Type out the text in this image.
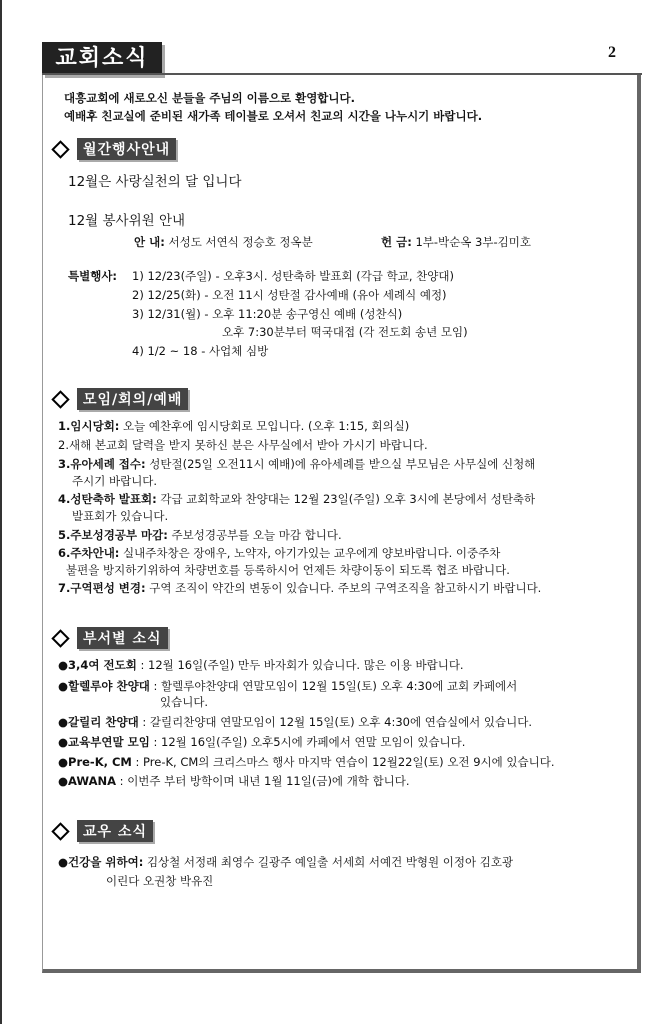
교회소식	2
대흥교회에 새로오신 분들을 주님의 이름으로 환영합니다.
예배후 친교실에 준비된 새가족 테이블로 오셔서 친교의 시간을 나누시기 바랍니다.
월간행사안내
12월은 사랑실천의 달 입니다
12월 봉사위원 안내
안 내: 서성도 서연식 정승호 정옥분	헌 금: 1부-박순옥 3부-김미호
특별행사: 1) 12/23(주일) - 오후3시. 성탄축하 발표회 (각급 학교, 찬양대)
2) 12/25(화) - 오전 11시 성탄절 감사예배 (유아 세례식 예정)
3) 12/31(월) - 오후 11:20분 송구영신 예배 (성찬식)
오후 7:30분부터 떡국대접 (각 전도회 송년 모임)
4) 1/2 ~ 18 - 사업체 심방
모임/회의/예배
1.임시당회: 오늘 예찬후에 임시당회로 모입니다. (오후 1:15, 회의실)
2.새해 본교회 달력을 받지 못하신 분은 사무실에서 받아 가시기 바랍니다.
3.유아세례 접수: 성탄절(25일 오전11시 예배)에 유아세례를 받으실 부모님은 사무실에 신청해
주시기 바랍니다.
4.성탄축하 발표회: 각급 교회학교와 찬양대는 12월 23일(주일) 오후 3시에 본당에서 성탄축하
발표회가 있습니다.
5.주보성경공부 마감: 주보성경공부를 오늘 마감 합니다.
6.주차안내: 실내주차창은 장애우, 노약자, 아기가있는 교우에게 양보바랍니다. 이중주차
불편을 방지하기위하여 차량번호를 등록하시어 언제든 차량이동이 되도록 협조 바랍니다.
7.구역편성 변경: 구역 조직이 약간의 변동이 있습니다. 주보의 구역조직을 참고하시기 바랍니다.
부서별 소식
●3,4여 전도회 : 12월 16일(주일) 만두 바자회가 있습니다. 많은 이용 바랍니다.
●할렐루야 찬양대 : 할렐루야찬양대 연말모임이 12월 15일(토) 오후 4:30에 교회 카페에서
있습니다.
●갈릴리 찬양대 : 갈릴리찬양대 연말모임이 12월 15일(토) 오후 4:30에 연습실에서 있습니다.
●교육부연말 모임 : 12월 16일(주일) 오후5시에 카페에서 연말 모임이 있습니다.
●Pre-K, CM : Pre-K, CM의 크리스마스 행사 마지막 연습이 12월22일(토) 오전 9시에 있습니다.
●AWANA : 이번주 부터 방학이며 내년 1월 11일(금)에 개학 합니다.
교우 소식
●건강을 위하여: 김상철 서정래 최영수 길광주 예일출 서세희 서예건 박형원 이정아 김호광
이린다 오권창 박유진
